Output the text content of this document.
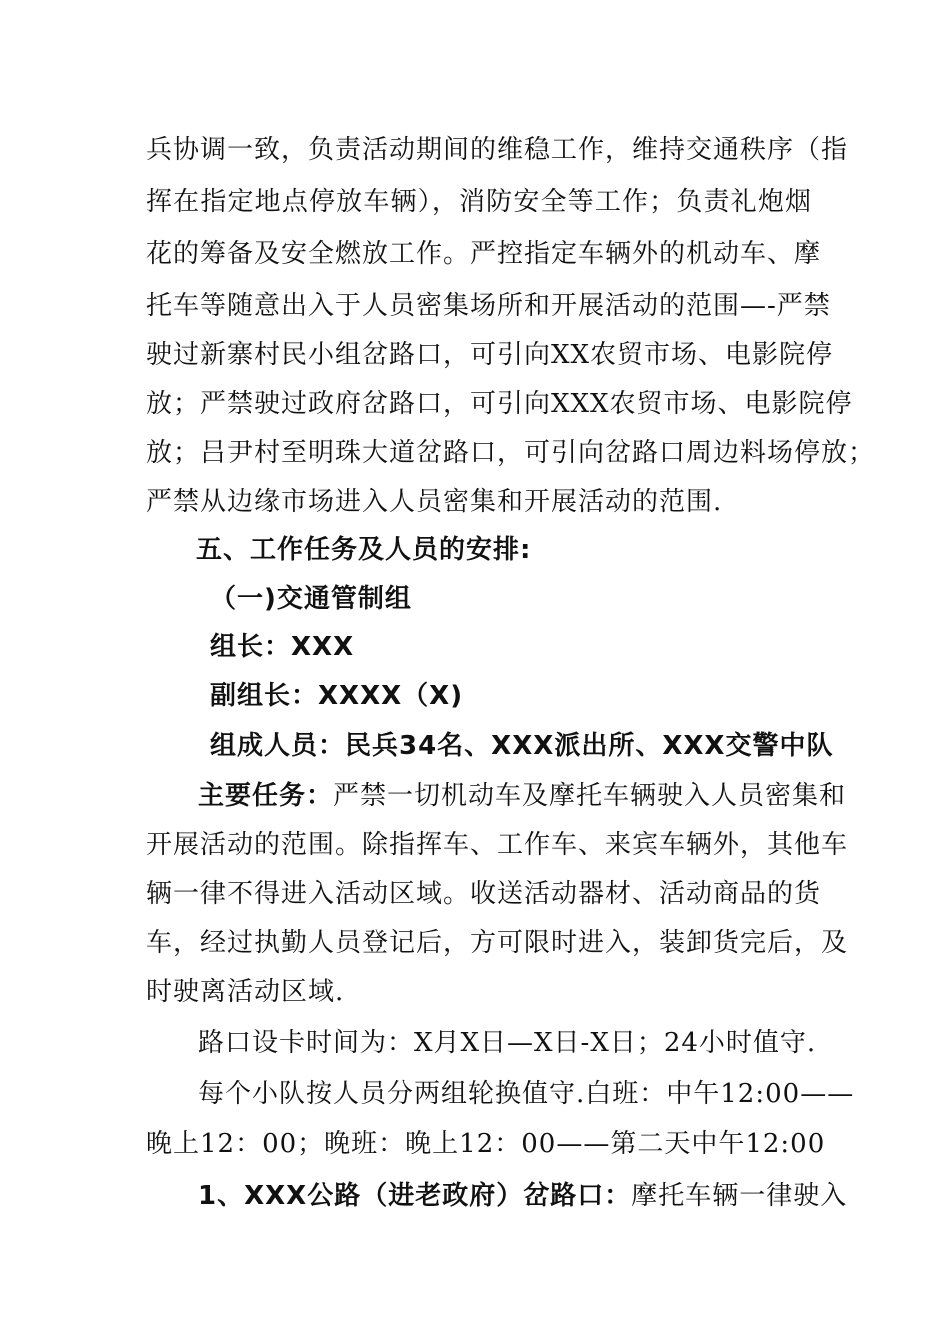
兵协调一致，负责活动期间的维稳工作，维持交通秩序（指
挥在指定地点停放车辆），消防安全等工作；负责礼炮烟
花的筹备及安全燃放工作。严控指定车辆外的机动车、摩
托车等随意出入于人员密集场所和开展活动的范围—-严禁
驶过新寨村民小组岔路口，可引向XX农贸市场、电影院停
放；严禁驶过政府岔路口，可引向XXX农贸市场、电影院停
放；吕尹村至明珠大道岔路口，可引向岔路口周边料场停放；
严禁从边缘市场进入人员密集和开展活动的范围.
五、工作任务及人员的安排:
（一)交通管制组
组长：XXX
副组长：XXXX（X)
组成人员：民兵34名、XXX派出所、XXX交警中队
主要任务：严禁一切机动车及摩托车辆驶入人员密集和
开展活动的范围。除指挥车、工作车、来宾车辆外，其他车
辆一律不得进入活动区域。收送活动器材、活动商品的货
车，经过执勤人员登记后，方可限时进入，装卸货完后，及
时驶离活动区域.
路口设卡时间为：X月X日—X日-X日；24小时值守.
每个小队按人员分两组轮换值守.白班：中午12:00——
晚上12：00；晚班：晚上12：00——第二天中午12:00
1、XXX公路（进老政府）岔路口：摩托车辆一律驶入
